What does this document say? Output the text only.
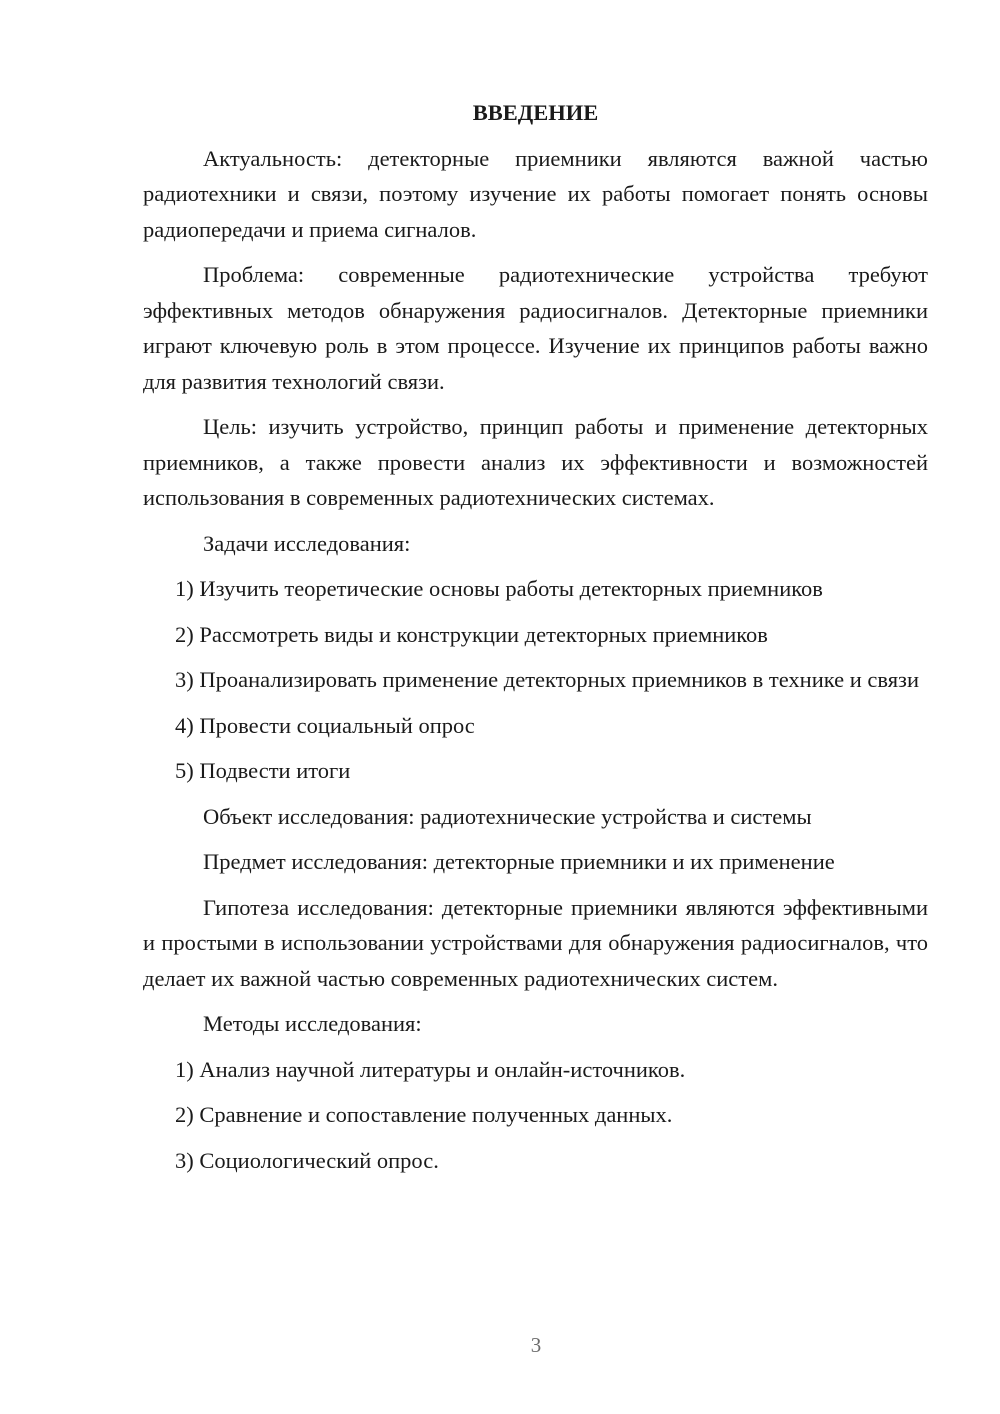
ВВЕДЕНИЕ

Актуальность: детекторные приемники являются важной частью радиотехники и связи, поэтому изучение их работы помогает понять основы радиопередачи и приема сигналов.

Проблема: современные радиотехнические устройства требуют эффективных методов обнаружения радиосигналов. Детекторные приемники играют ключевую роль в этом процессе. Изучение их принципов работы важно для развития технологий связи.

Цель: изучить устройство, принцип работы и применение детекторных приемников, а также провести анализ их эффективности и возможностей использования в современных радиотехнических системах.

Задачи исследования:

1) Изучить теоретические основы работы детекторных приемников

2) Рассмотреть виды и конструкции детекторных приемников

3) Проанализировать применение детекторных приемников в технике и связи

4) Провести социальный опрос

5) Подвести итоги

Объект исследования: радиотехнические устройства и системы

Предмет исследования: детекторные приемники и их применение

Гипотеза исследования: детекторные приемники являются эффективными и простыми в использовании устройствами для обнаружения радиосигналов, что делает их важной частью современных радиотехнических систем.

Методы исследования:

1) Анализ научной литературы и онлайн-источников.

2) Сравнение и сопоставление полученных данных.

3) Социологический опрос.

3
